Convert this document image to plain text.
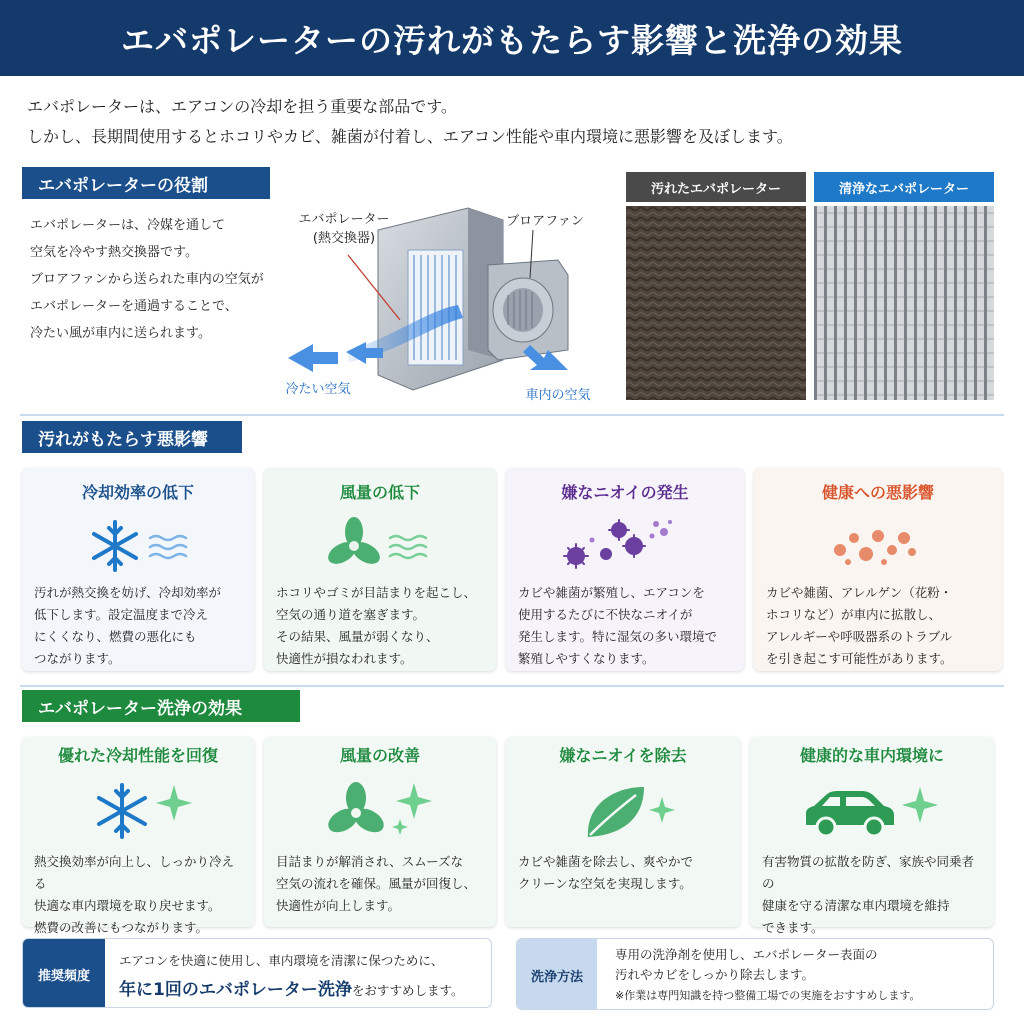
エバポレーターの汚れがもたらす影響と洗浄の効果

エバポレーターは、エアコンの冷却を担う重要な部品です。

しかし、長期間使用するとホコリやカビ、雑菌が付着し、エアコン性能や車内環境に悪影響を及ぼします。

エバポレーターの役割

エバポレーターは、冷媒を通して

空気を冷やす熱交換器です。

ブロアファンから送られた車内の空気が

エバポレーターを通過することで、

冷たい風が車内に送られます。

エバポレーター
(熱交換器)
ブロアファン
冷たい空気	車内の空気
汚れたエバポレーター	清浄なエバポレーター
汚れがもたらす悪影響
冷却効率の低下
汚れが熱交換を妨げ、冷却効率が
低下します。設定温度まで冷え
にくくなり、燃費の悪化にも
つながります。
風量の低下
ホコリやゴミが目詰まりを起こし、
空気の通り道を塞ぎます。
その結果、風量が弱くなり、
快適性が損なわれます。
嫌なニオイの発生
カビや雑菌が繁殖し、エアコンを
使用するたびに不快なニオイが
発生します。特に湿気の多い環境で
繁殖しやすくなります。
健康への悪影響
カビや雑菌、アレルゲン（花粉・
ホコリなど）が車内に拡散し、
アレルギーや呼吸器系のトラブル
を引き起こす可能性があります。
エバポレーター洗浄の効果
優れた冷却性能を回復
熱交換効率が向上し、しっかり冷える
快適な車内環境を取り戻せます。
燃費の改善にもつながります。
風量の改善
目詰まりが解消され、スムーズな
空気の流れを確保。風量が回復し、
快適性が向上します。
嫌なニオイを除去
カビや雑菌を除去し、爽やかで
クリーンな空気を実現します。
健康的な車内環境に
有害物質の拡散を防ぎ、家族や同乗者の
健康を守る清潔な車内環境を維持
できます。
推奨頻度
エアコンを快適に使用し、車内環境を清潔に保つために、
年に1回のエバポレーター洗浄をおすすめします。
洗浄方法
専用の洗浄剤を使用し、エバポレーター表面の
汚れやカビをしっかり除去します。
※作業は専門知識を持つ整備工場での実施をおすすめします。
